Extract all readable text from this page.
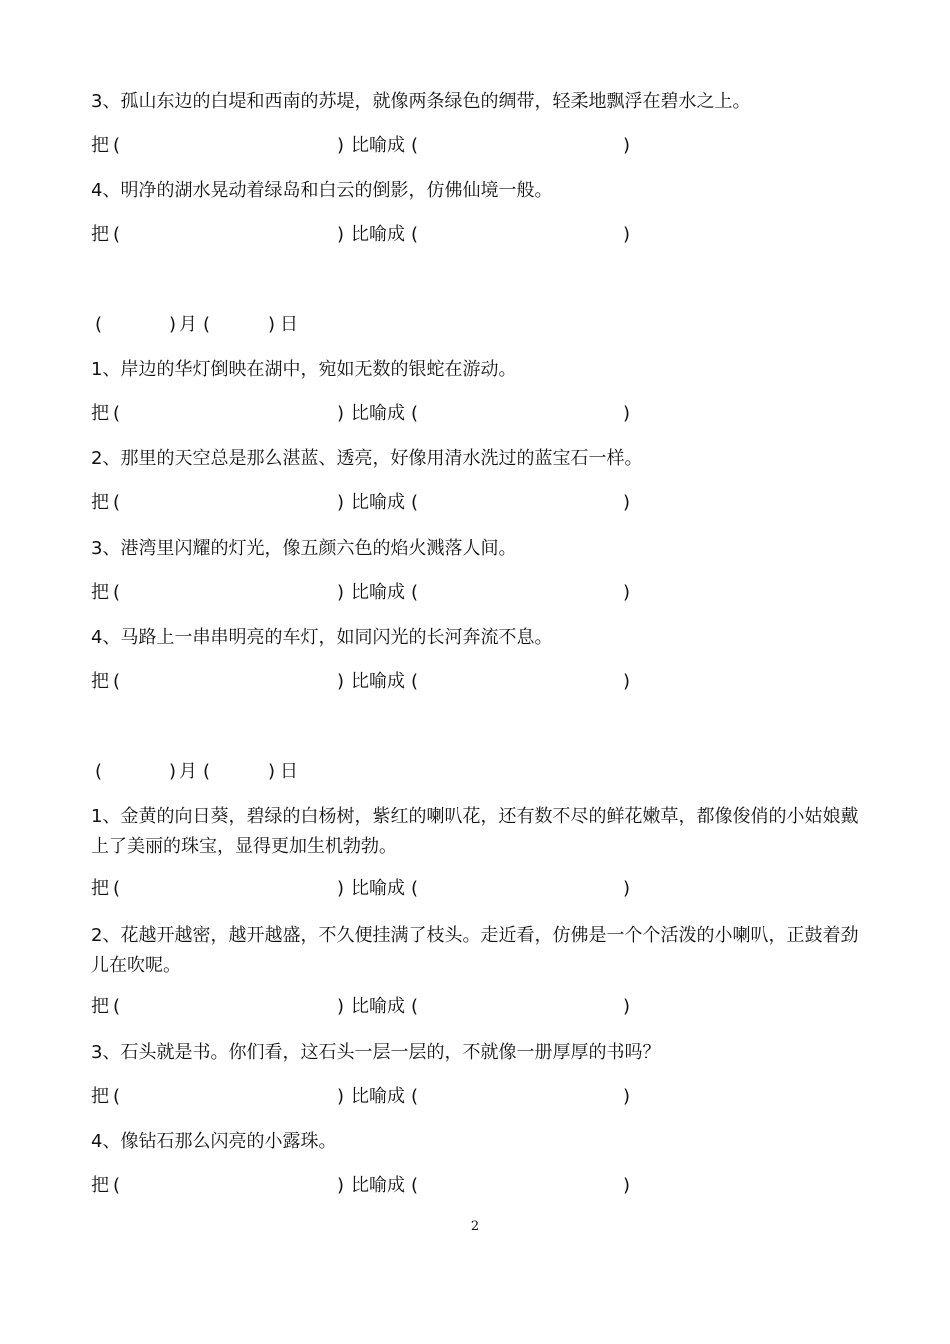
3、孤山东边的白堤和西南的苏堤，就像两条绿色的绸带，轻柔地飘浮在碧水之上。
把 (	) 比喻成 (	)
4、明净的湖水晃动着绿岛和白云的倒影，仿佛仙境一般。
把 (	) 比喻成 (	)
(	) 月 (	) 日
1、岸边的华灯倒映在湖中，宛如无数的银蛇在游动。
把 (	) 比喻成 (	)
2、那里的天空总是那么湛蓝、透亮，好像用清水洗过的蓝宝石一样。
把 (	) 比喻成 (	)
3、港湾里闪耀的灯光，像五颜六色的焰火溅落人间。
把 (	) 比喻成 (	)
4、马路上一串串明亮的车灯，如同闪光的长河奔流不息。
把 (	) 比喻成 (	)
(	) 月 (	) 日
1、金黄的向日葵，碧绿的白杨树，紫红的喇叭花，还有数不尽的鲜花嫩草，都像俊俏的小姑娘戴上了美丽的珠宝，显得更加生机勃勃。
把 (	) 比喻成 (	)
2、花越开越密，越开越盛，不久便挂满了枝头。走近看，仿佛是一个个活泼的小喇叭，正鼓着劲儿在吹呢。
把 (	) 比喻成 (	)
3、石头就是书。你们看，这石头一层一层的，不就像一册厚厚的书吗？
把 (	) 比喻成 (	)
4、像钻石那么闪亮的小露珠。
把 (	) 比喻成 (	)
2
